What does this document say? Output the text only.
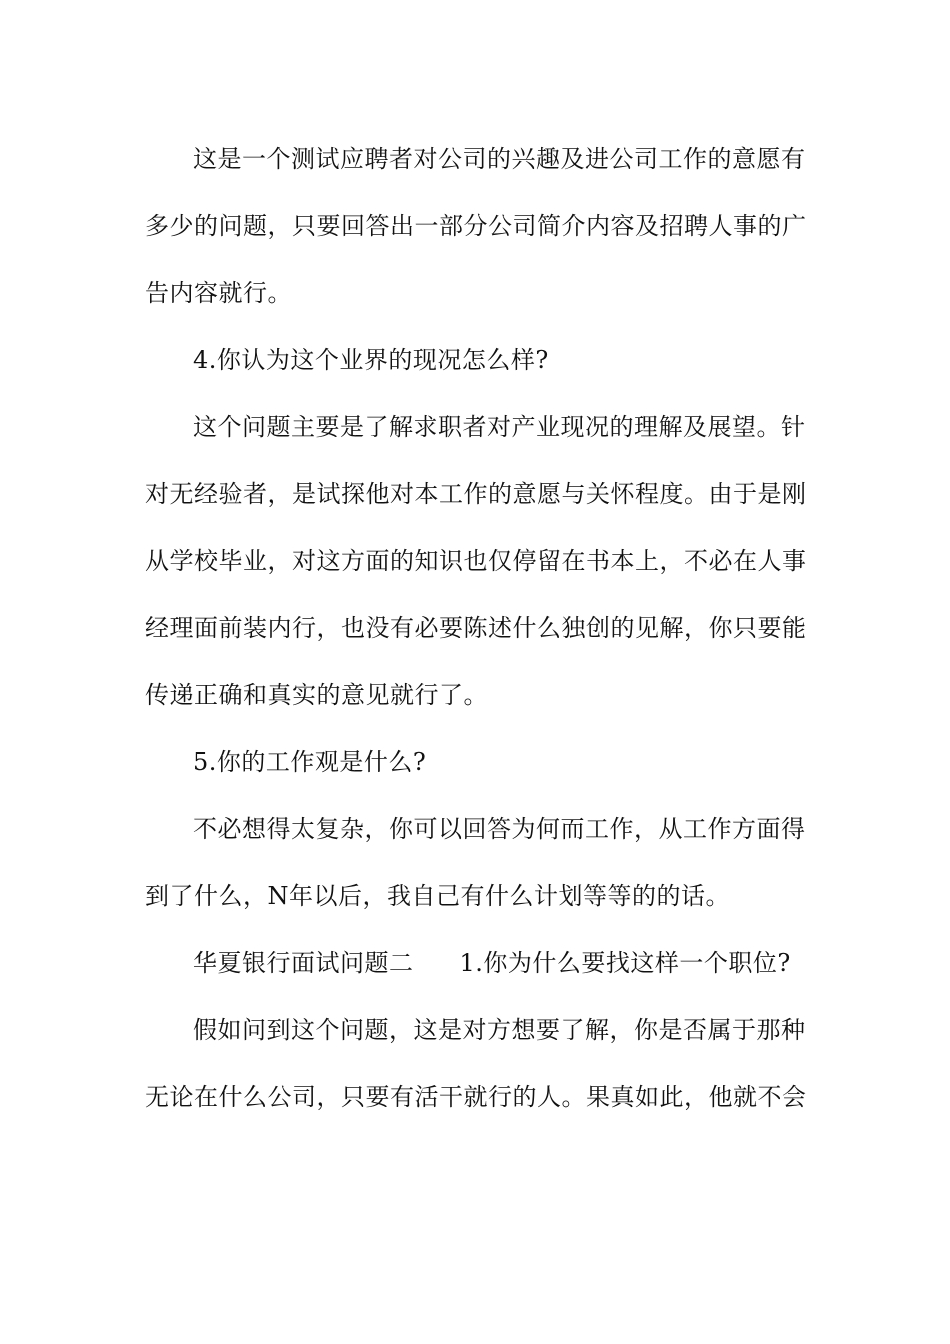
这是一个测试应聘者对公司的兴趣及进公司工作的意愿有

多少的问题，只要回答出一部分公司简介内容及招聘人事的广

告内容就行。

4.你认为这个业界的现况怎么样?

这个问题主要是了解求职者对产业现况的理解及展望。针

对无经验者，是试探他对本工作的意愿与关怀程度。由于是刚

从学校毕业，对这方面的知识也仅停留在书本上，不必在人事

经理面前装内行，也没有必要陈述什么独创的见解，你只要能

传递正确和真实的意见就行了。

5.你的工作观是什么?

不必想得太复杂，你可以回答为何而工作，从工作方面得

到了什么，N年以后，我自己有什么计划等等的的话。

华夏银行面试问题二 1.你为什么要找这样一个职位?

假如问到这个问题，这是对方想要了解，你是否属于那种

无论在什么公司，只要有活干就行的人。果真如此，他就不会
